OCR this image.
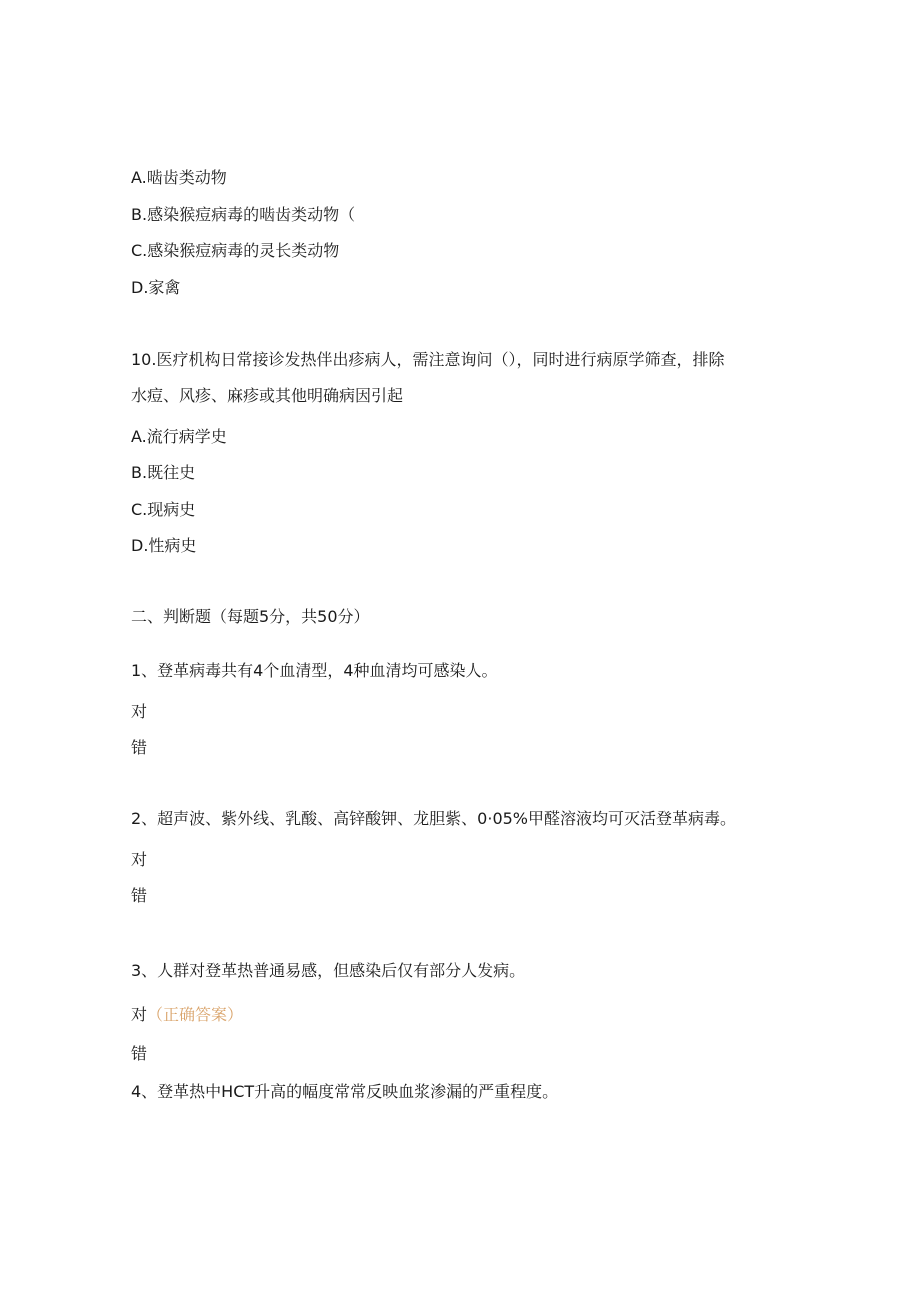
A.啮齿类动物
B.感染猴痘病毒的啮齿类动物（
C.感染猴痘病毒的灵长类动物
D.家禽
10.医疗机构日常接诊发热伴出疹病人，需注意询问（），同时进行病原学筛查，排除
水痘、风疹、麻疹或其他明确病因引起
A.流行病学史
B.既往史
C.现病史
D.性病史
二、判断题（每题5分，共50分）
1、登革病毒共有4个血清型，4种血清均可感染人。
对
错
2、超声波、紫外线、乳酸、高锌酸钾、龙胆紫、0·05%甲醛溶液均可灭活登革病毒。
对
错
3、人群对登革热普通易感，但感染后仅有部分人发病。
对（正确答案）
错
4、登革热中HCT升高的幅度常常反映血浆渗漏的严重程度。
